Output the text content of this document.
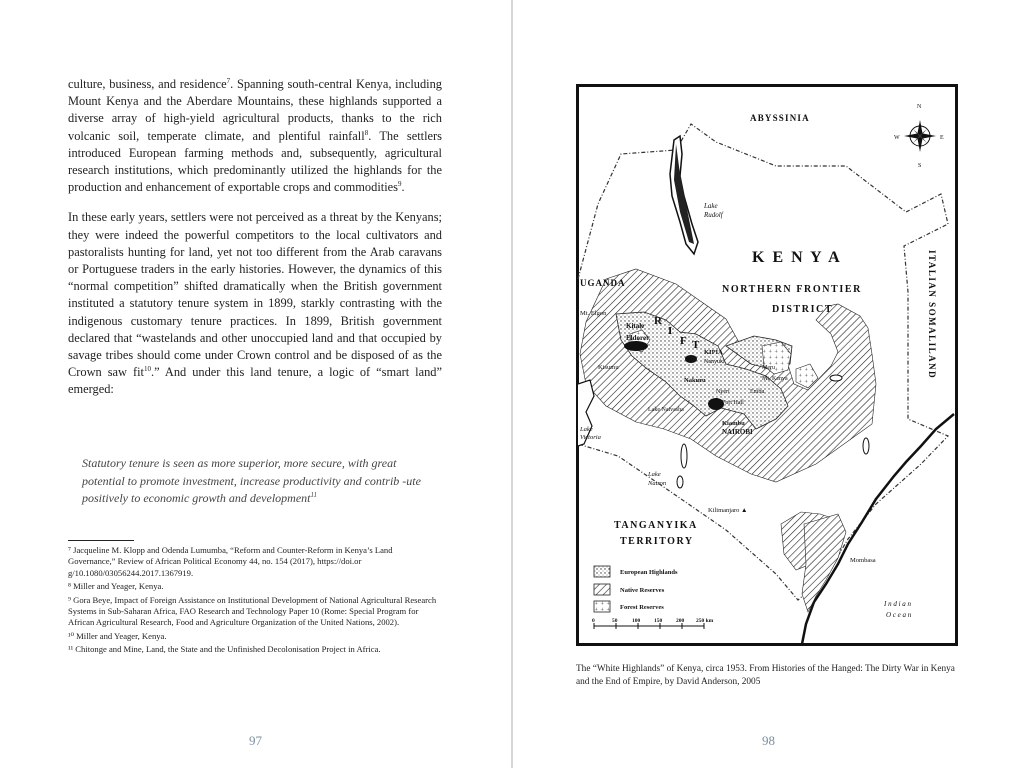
culture, business, and residence$^7$. Spanning south-central Kenya, including Mount Kenya and the Aberdare Mountains, these highlands supported a diverse array of high-yield agricultural products, thanks to the rich volcanic soil, temperate climate, and plentiful rainfall$^8$. The settlers introduced European farming methods and, subsequently, agricultural research institutions, which predominantly utilized the highlands for the production and enhancement of exportable crops and commodities$^9$.

In these early years, settlers were not perceived as a threat by the Kenyans; they were indeed the powerful competitors to the local cultivators and pastoralists hunting for land, yet not too different from the Arab caravans or Portuguese traders in the early histories. However, the dynamics of this “normal competition” shifted dramatically when the British government instituted a statutory tenure system in 1899, starkly contrasting with the indigenous customary tenure practices. In 1899, British government declared that “wastelands and other unoccupied land and that occupied by savage tribes should come under Crown control and be disposed of as the Crown saw fit$^{10}$.” And under this land tenure, a logic of “smart land” emerged:

Statutory tenure is seen as more superior, more secure, with great potential to promote investment, increase productivity and contrib -ute positively to economic growth and development$^{11}$
⁷ Jacqueline M. Klopp and Odenda Lumumba, “Reform and Counter-Reform in Kenya’s Land Governance,” Review of African Political Economy 44, no. 154 (2017), https://doi.or g/10.1080/03056244.2017.1367919.
⁸ Miller and Yeager, Kenya.
⁹ Gora Beye, Impact of Foreign Assistance on Institutional Development of National Agricultural Research Systems in Sub-Saharan Africa, FAO Research and Technology Paper 10 (Rome: Special Program for African Agricultural Research, Food and Agriculture Organization of the United Nations, 2002).
¹⁰ Miller and Yeager, Kenya.
¹¹ Chitonge and Mine, Land, the State and the Unfinished Decolonisation Project in Africa.
97	98
N
S
E
W
ABYSSINIA
K E N Y A
NORTHERN FRONTIER
DISTRICT
UGANDA	ITALIAN SOMALILAND
TANGANYIKA
TERRITORY
Lake
Rudolf
Mt. Elgon
Kitale
Eldoret
Kisumu
Nakuru
KIPIA
Nanyuki
Meru
Mt. Kenya
Embu
Nyeri
Fort Hall
Lake Naivasha
Kiambu
NAIROBI
Lake
Victoria
Lake
Natron
Kilimanjaro ▲
Mombasa
I n d i a n
O c e a n
R
I
F T
European Highlands
Native Reserves
Forest Reserves
0	50	100	150	200 250 km
The “White Highlands” of Kenya, circa 1953. From Histories of the Hanged: The Dirty War in Kenya and the End of Empire, by David Anderson, 2005
